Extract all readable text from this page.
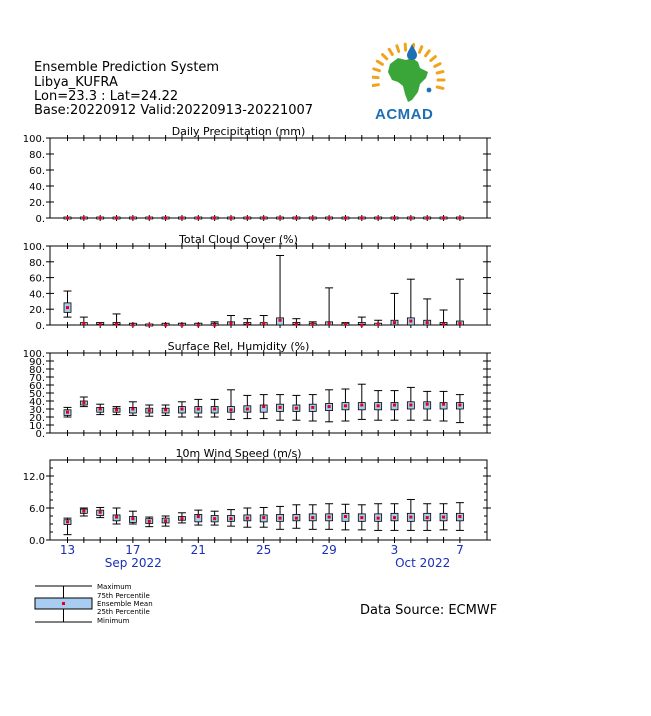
Ensemble Prediction System
Libya_KUFRA
Lon=23.3 : Lat=24.22
Base:20220912 Valid:20220913-20221007	ACMAD
Daily Precipitation (mm)
0.
20.
40.
60.
80.
100.
Total Cloud Cover (%)
0.
20.
40.
60.
80.
100.
Surface Rel. Humidity (%)
0.
10.
20.
30.
40.
50.
60.
70.
80.
90.
100.
10m Wind Speed (m/s)
0.0
6.0
12.0
13	17	21	25	29	3	7
Sep 2022	Oct 2022
Maximum
75th Percentile
Ensemble Mean
25th Percentile
Minimum
Data Source: ECMWF
